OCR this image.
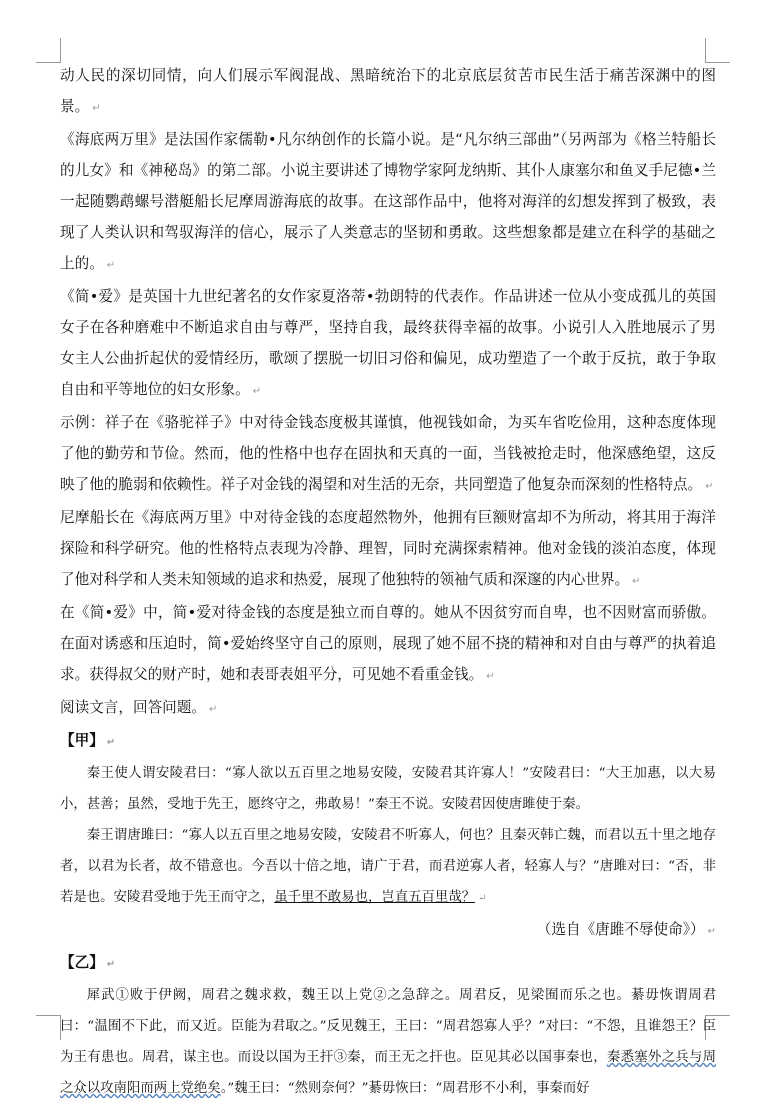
动人民的深切同情，向人们展示军阀混战、黑暗统治下的北京底层贫苦市民生活于痛苦深渊中的图景。 ↵

《海底两万里》是法国作家儒勒•凡尔纳创作的长篇小说。是“凡尔纳三部曲”（另两部为《格兰特船长的儿女》和《神秘岛》的第二部。小说主要讲述了博物学家阿龙纳斯、其仆人康塞尔和鱼叉手尼德•兰一起随鹦鹉螺号潜艇船长尼摩周游海底的故事。在这部作品中，他将对海洋的幻想发挥到了极致，表现了人类认识和驾驭海洋的信心，展示了人类意志的坚韧和勇敢。这些想象都是建立在科学的基础之上的。 ↵

《简•爱》是英国十九世纪著名的女作家夏洛蒂•勃朗特的代表作。作品讲述一位从小变成孤儿的英国女子在各种磨难中不断追求自由与尊严，坚持自我，最终获得幸福的故事。小说引人入胜地展示了男女主人公曲折起伏的爱情经历，歌颂了摆脱一切旧习俗和偏见，成功塑造了一个敢于反抗，敢于争取自由和平等地位的妇女形象。 ↵

示例：祥子在《骆驼祥子》中对待金钱态度极其谨慎，他视钱如命，为买车省吃俭用，这种态度体现了他的勤劳和节俭。然而，他的性格中也存在固执和天真的一面，当钱被抢走时，他深感绝望，这反映了他的脆弱和依赖性。祥子对金钱的渴望和对生活的无奈，共同塑造了他复杂而深刻的性格特点。 ↵

尼摩船长在《海底两万里》中对待金钱的态度超然物外，他拥有巨额财富却不为所动，将其用于海洋探险和科学研究。他的性格特点表现为冷静、理智，同时充满探索精神。他对金钱的淡泊态度，体现了他对科学和人类未知领域的追求和热爱，展现了他独特的领袖气质和深邃的内心世界。 ↵

在《简•爱》中，简•爱对待金钱的态度是独立而自尊的。她从不因贫穷而自卑，也不因财富而骄傲。在面对诱惑和压迫时，简•爱始终坚守自己的原则，展现了她不屈不挠的精神和对自由与尊严的执着追求。获得叔父的财产时，她和表哥表姐平分，可见她不看重金钱。 ↵

阅读文言，回答问题。 ↵

【甲】 ↵

秦王使人谓安陵君曰：“寡人欲以五百里之地易安陵，安陵君其许寡人！”安陵君曰：“大王加惠，以大易小，甚善；虽然，受地于先王，愿终守之，弗敢易！”秦王不说。安陵君因使唐雎使于秦。

秦王谓唐雎曰：“寡人以五百里之地易安陵，安陵君不听寡人，何也？且秦灭韩亡魏，而君以五十里之地存者，以君为长者，故不错意也。今吾以十倍之地，请广于君，而君逆寡人者，轻寡人与？”唐雎对曰：“否，非若是也。安陵君受地于先王而守之，虽千里不敢易也，岂直五百里哉？ ↵

（选自《唐雎不辱使命》） ↵

【乙】 ↵

犀武①败于伊阙，周君之魏求救，魏王以上党②之急辞之。周君反，见梁囿而乐之也。綦毋恢谓周君曰：“温囿不下此，而又近。臣能为君取之。”反见魏王，王曰：“周君怨寡人乎？”对曰：“不怨，且谁怨王？臣为王有患也。周君，谋主也。而设以国为王扞③秦，而王无之扞也。臣见其必以国事秦也，秦悉塞外之兵与周之众以攻南阳而两上党绝矣。”魏王曰：“然则奈何？”綦毋恢曰：“周君形不小利，事秦而好
